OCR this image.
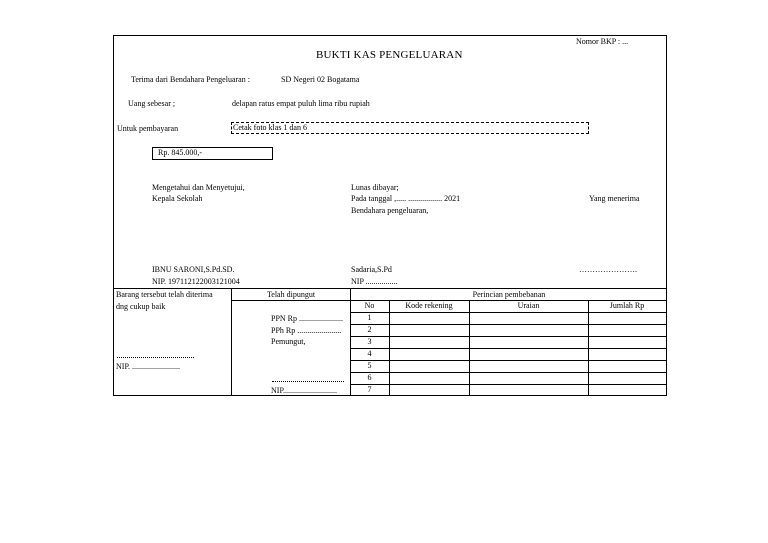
Nomor BKP : ...
BUKTI KAS PENGELUARAN
Terima dari Bendahara Pengeluaran :	SD Negeri 02 Bogatama
Uang sebesar ;	delapan ratus empat puluh lima ribu rupiah
Untuk pembayaran	Cetak foto klas 1 dan 6
Rp. 845.000,-
Mengetahui dan Menyetujui,
Kepala Sekolah
Lunas dibayar;
Pada tanggal ,..... ................. 2021
Bendahara pengeluaran,
Yang menerima
IBNU SARONI,S.Pd.SD.
NIP. 197112122003121004
Sadaria,S.Pd
NIP ................
………………….
Barang tersebut telah diterima
dng cukup baik
NIP. ........................
Telah dipungut
PPN Rp ......................
PPh Rp ......................
Pemungut,
NIP...........................
Perincian pembebanan
No	Kode rekening	Uraian	Jumlah Rp
1
2
3
4
5
6
7
